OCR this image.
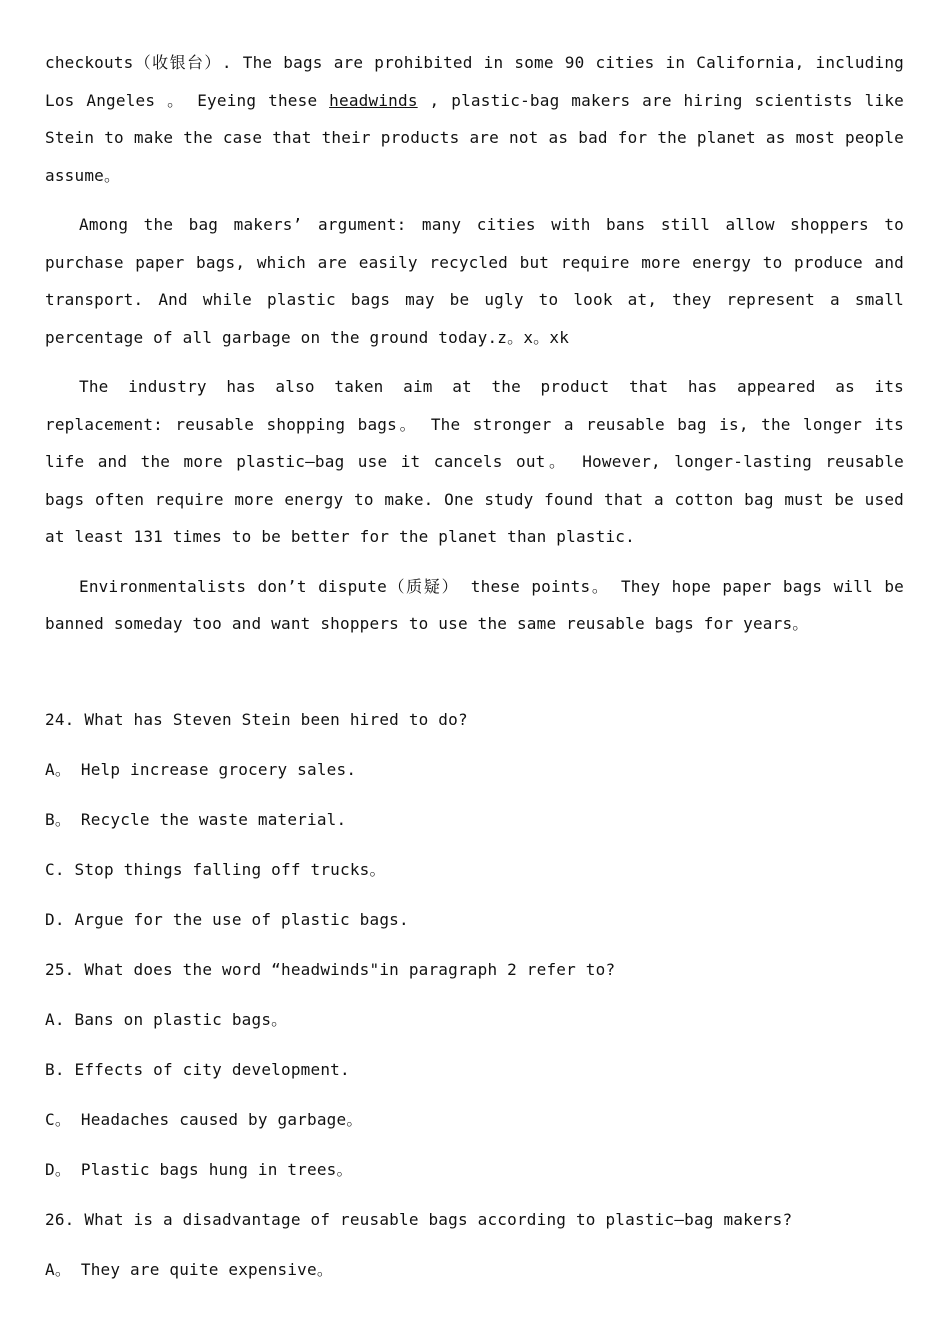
checkouts（收银台）. The bags are prohibited in some 90 cities in California, including Los Angeles 。 Eyeing these headwinds , plastic-bag makers are hiring scientists like Stein to make the case that their products are not as bad for the planet as most people assume。

Among the bag makers’ argument: many cities with bans still allow shoppers to purchase paper bags, which are easily recycled but require more energy to produce and transport. And while plastic bags may be ugly to look at, they represent a small percentage of all garbage on the ground today.z。x。xk

The industry has also taken aim at the product that has appeared as its replacement: reusable shopping bags。 The stronger a reusable bag is, the longer its life and the more plastic—bag use it cancels out。 However, longer-lasting reusable bags often require more energy to make. One study found that a cotton bag must be used at least 131 times to be better for the planet than plastic.

Environmentalists don’t dispute（质疑） these points。 They hope paper bags will be banned someday too and want shoppers to use the same reusable bags for years。

24. What has Steven Stein been hired to do?
A。 Help increase grocery sales.
B。 Recycle the waste material.
C. Stop things falling off trucks。
D. Argue for the use of plastic bags.
25. What does the word “headwinds"in paragraph 2 refer to?
A. Bans on plastic bags。
B. Effects of city development.
C。 Headaches caused by garbage。
D。 Plastic bags hung in trees。
26. What is a disadvantage of reusable bags according to plastic—bag makers?
A。 They are quite expensive。
